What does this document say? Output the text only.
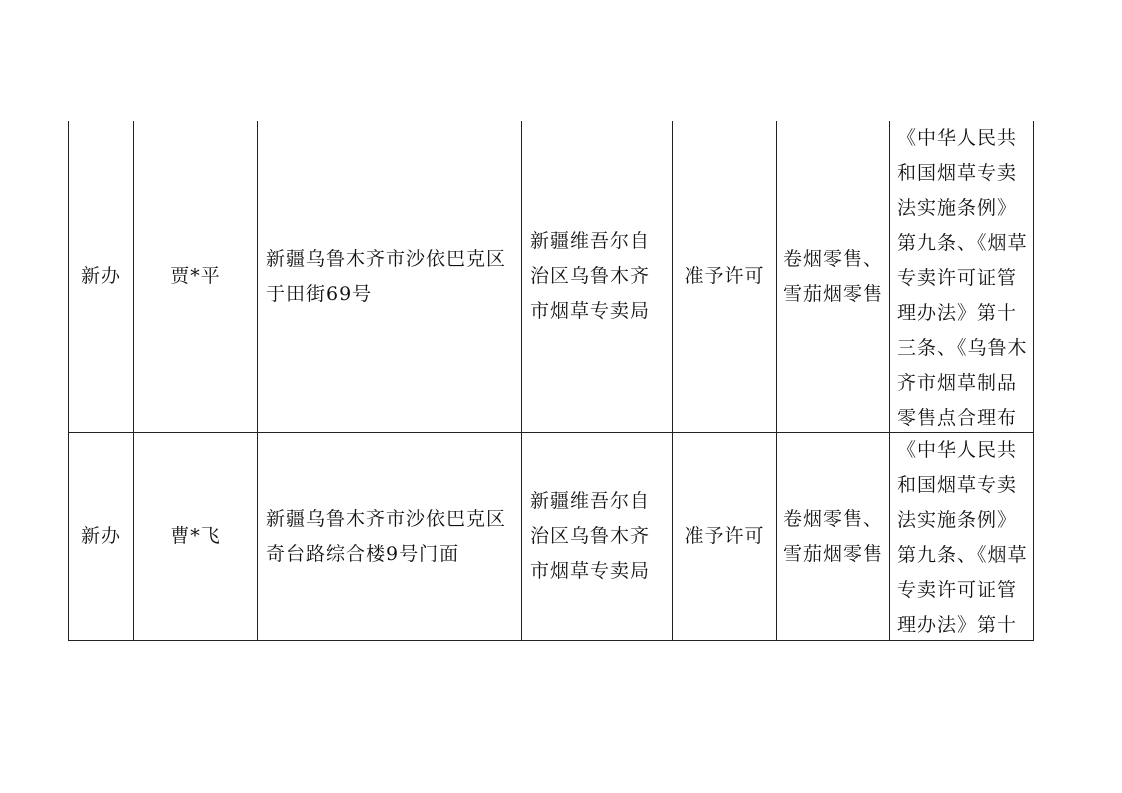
新办	贾*平	新疆乌鲁木齐市沙依巴克区于田街69号	新疆维吾尔自治区乌鲁木齐市烟草专卖局	准予许可	卷烟零售、雪茄烟零售	《中华人民共和国烟草专卖法实施条例》第九条、《烟草专卖许可证管理办法》第十三条、《乌鲁木齐市烟草制品零售点合理布

新办	曹*飞	新疆乌鲁木齐市沙依巴克区奇台路综合楼9号门面	新疆维吾尔自治区乌鲁木齐市烟草专卖局	准予许可	卷烟零售、雪茄烟零售	《中华人民共和国烟草专卖法实施条例》第九条、《烟草专卖许可证管理办法》第十
